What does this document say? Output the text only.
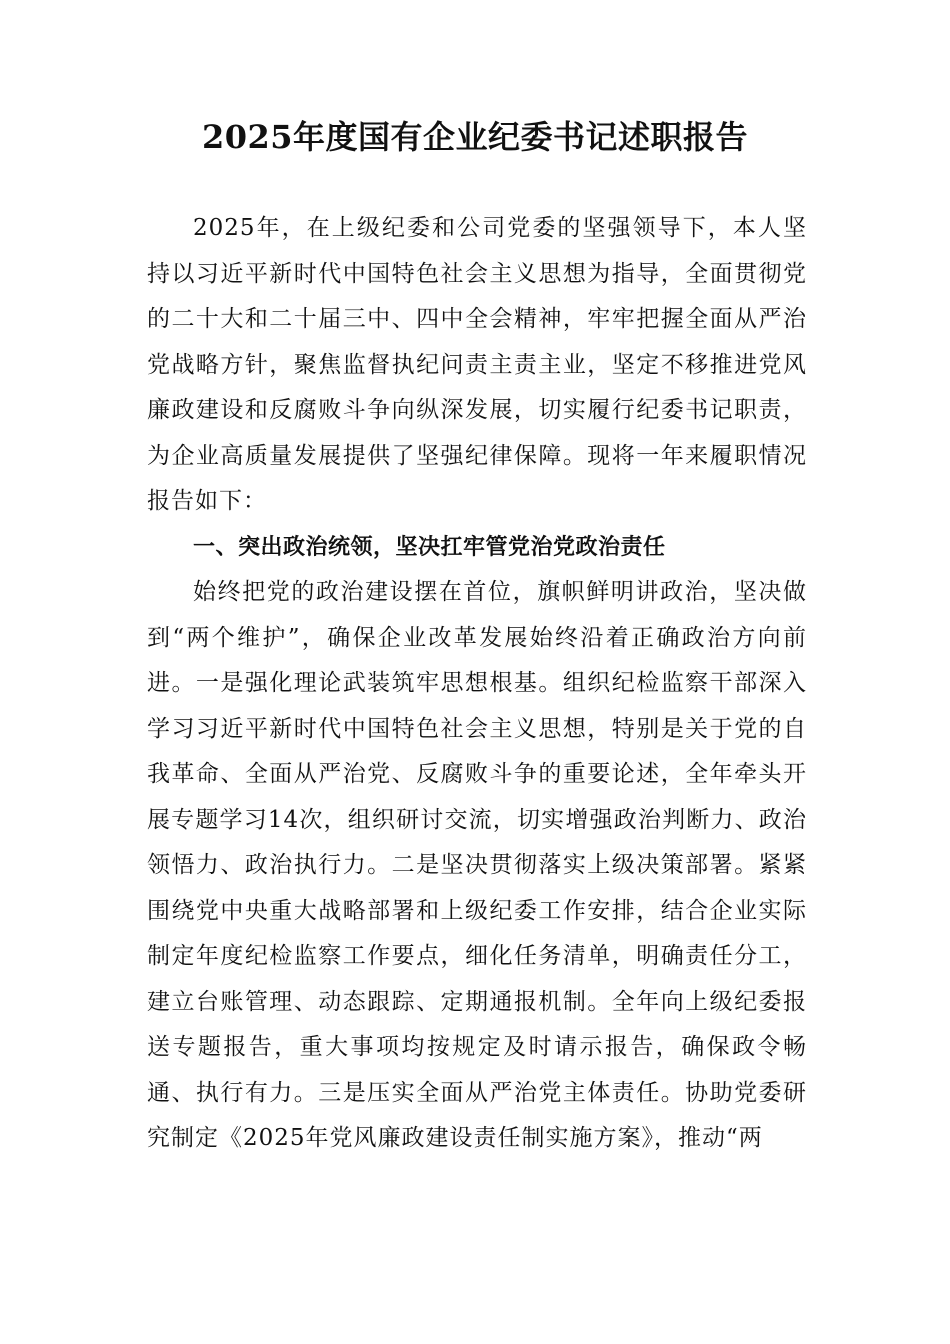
2025年度国有企业纪委书记述职报告

2025年，在上级纪委和公司党委的坚强领导下，本人坚持以习近平新时代中国特色社会主义思想为指导，全面贯彻党的二十大和二十届三中、四中全会精神，牢牢把握全面从严治党战略方针，聚焦监督执纪问责主责主业，坚定不移推进党风廉政建设和反腐败斗争向纵深发展，切实履行纪委书记职责，为企业高质量发展提供了坚强纪律保障。现将一年来履职情况报告如下：

一、突出政治统领，坚决扛牢管党治党政治责任

始终把党的政治建设摆在首位，旗帜鲜明讲政治，坚决做到“两个维护”，确保企业改革发展始终沿着正确政治方向前进。一是强化理论武装筑牢思想根基。组织纪检监察干部深入学习习近平新时代中国特色社会主义思想，特别是关于党的自我革命、全面从严治党、反腐败斗争的重要论述，全年牵头开展专题学习14次，组织研讨交流，切实增强政治判断力、政治领悟力、政治执行力。二是坚决贯彻落实上级决策部署。紧紧围绕党中央重大战略部署和上级纪委工作安排，结合企业实际制定年度纪检监察工作要点，细化任务清单，明确责任分工，建立台账管理、动态跟踪、定期通报机制。全年向上级纪委报送专题报告，重大事项均按规定及时请示报告，确保政令畅通、执行有力。三是压实全面从严治党主体责任。协助党委研究制定《2025年党风廉政建设责任制实施方案》，推动“两
